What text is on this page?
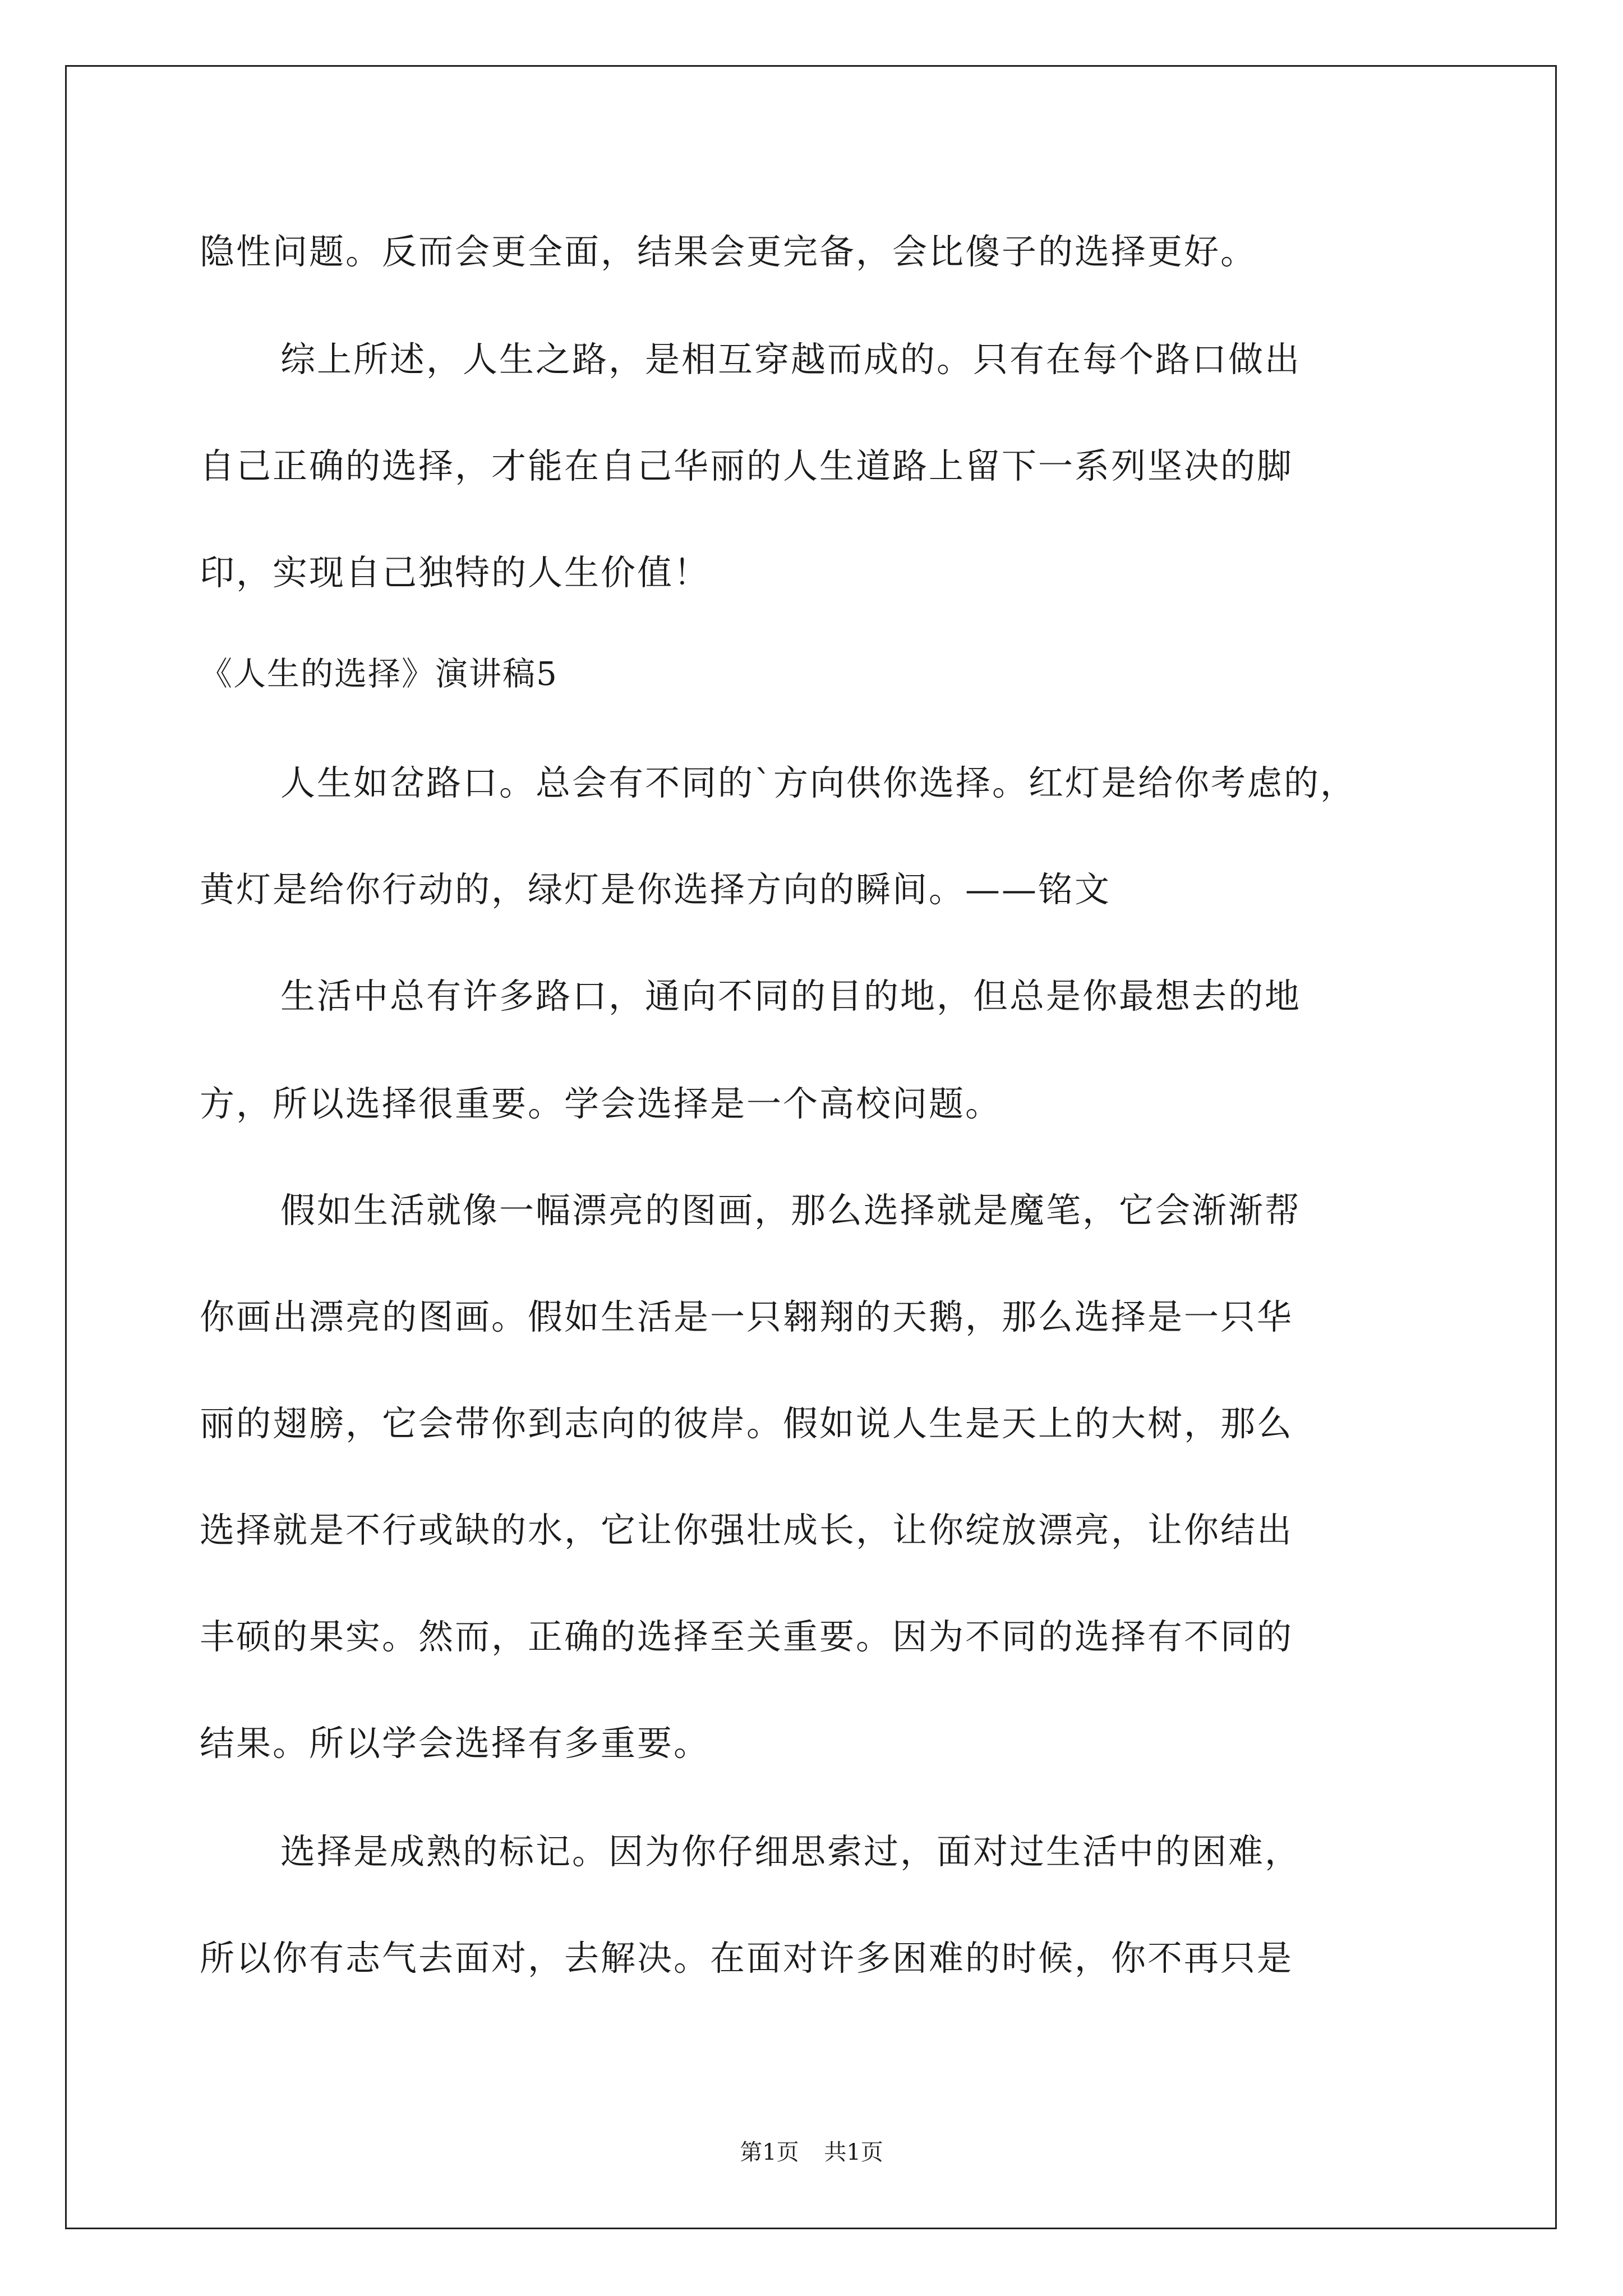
隐性问题。反而会更全面，结果会更完备，会比傻子的选择更好。
综上所述，人生之路，是相互穿越而成的。只有在每个路口做出
自己正确的选择，才能在自己华丽的人生道路上留下一系列坚决的脚
印，实现自己独特的人生价值！
《人生的选择》演讲稿5
人生如岔路口。总会有不同的`方向供你选择。红灯是给你考虑的，
黄灯是给你行动的，绿灯是你选择方向的瞬间。——铭文
生活中总有许多路口，通向不同的目的地，但总是你最想去的地
方，所以选择很重要。学会选择是一个高校问题。
假如生活就像一幅漂亮的图画，那么选择就是魔笔，它会渐渐帮
你画出漂亮的图画。假如生活是一只翱翔的天鹅，那么选择是一只华
丽的翅膀，它会带你到志向的彼岸。假如说人生是天上的大树，那么
选择就是不行或缺的水，它让你强壮成长，让你绽放漂亮，让你结出
丰硕的果实。然而，正确的选择至关重要。因为不同的选择有不同的
结果。所以学会选择有多重要。
选择是成熟的标记。因为你仔细思索过，面对过生活中的困难，
所以你有志气去面对，去解决。在面对许多困难的时候，你不再只是
第1页 共1页
